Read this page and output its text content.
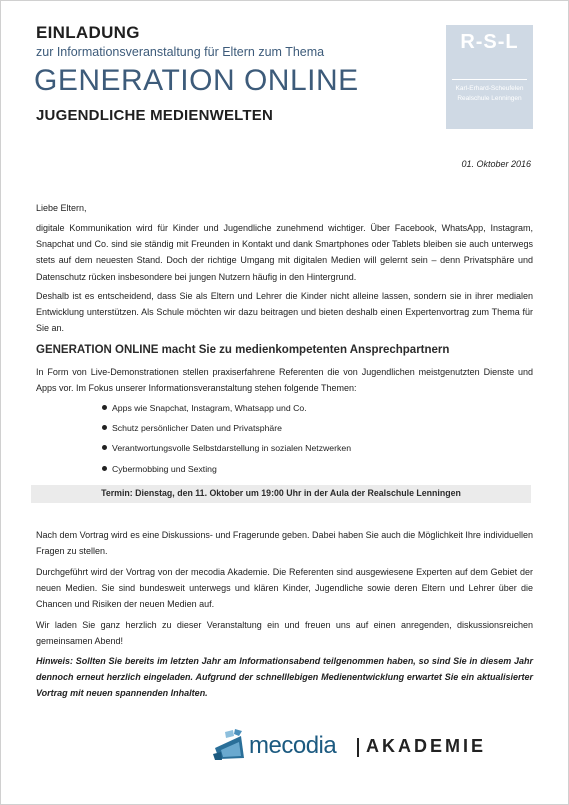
EINLADUNG
zur Informationsveranstaltung für Eltern zum Thema
GENERATION ONLINE
JUGENDLICHE MEDIENWELTEN
R-S-L
Karl-Erhard-Scheufelen
Realschule Lenningen
01. Oktober 2016
Liebe Eltern,
digitale Kommunikation wird für Kinder und Jugendliche zunehmend wichtiger. Über Facebook, WhatsApp, Instagram, Snapchat und Co. sind sie ständig mit Freunden in Kontakt und dank Smartphones oder Tablets bleiben sie auch unterwegs stets auf dem neuesten Stand. Doch der richtige Umgang mit digitalen Medien will gelernt sein – denn Privatsphäre und Datenschutz rücken insbesondere bei jungen Nutzern häufig in den Hintergrund.
Deshalb ist es entscheidend, dass Sie als Eltern und Lehrer die Kinder nicht alleine lassen, sondern sie in ihrer medialen Entwicklung unterstützen. Als Schule möchten wir dazu beitragen und bieten deshalb einen Expertenvortrag zum Thema für Sie an.
GENERATION ONLINE macht Sie zu medienkompetenten Ansprechpartnern
In Form von Live-Demonstrationen stellen praxiserfahrene Referenten die von Jugendlichen meistgenutzten Dienste und Apps vor. Im Fokus unserer Informationsveranstaltung stehen folgende Themen:
Apps wie Snapchat, Instagram, Whatsapp und Co.
Schutz persönlicher Daten und Privatsphäre
Verantwortungsvolle Selbstdarstellung in sozialen Netzwerken
Cybermobbing und Sexting
Termin: Dienstag, den 11. Oktober um 19:00 Uhr in der Aula der Realschule Lenningen
Nach dem Vortrag wird es eine Diskussions- und Fragerunde geben. Dabei haben Sie auch die Möglichkeit Ihre individuellen Fragen zu stellen.
Durchgeführt wird der Vortrag von der mecodia Akademie. Die Referenten sind ausgewiesene Experten auf dem Gebiet der neuen Medien. Sie sind bundesweit unterwegs und klären Kinder, Jugendliche sowie deren Eltern und Lehrer über die Chancen und Risiken der neuen Medien auf.
Wir laden Sie ganz herzlich zu dieser Veranstaltung ein und freuen uns auf einen anregenden, diskussionsreichen gemeinsamen Abend!
Hinweis: Sollten Sie bereits im letzten Jahr am Informationsabend teilgenommen haben, so sind Sie in diesem Jahr dennoch erneut herzlich eingeladen. Aufgrund der schnelllebigen Medienentwicklung erwartet Sie ein aktualisierter Vortrag mit neuen spannenden Inhalten.
mecodia AKADEMIE
